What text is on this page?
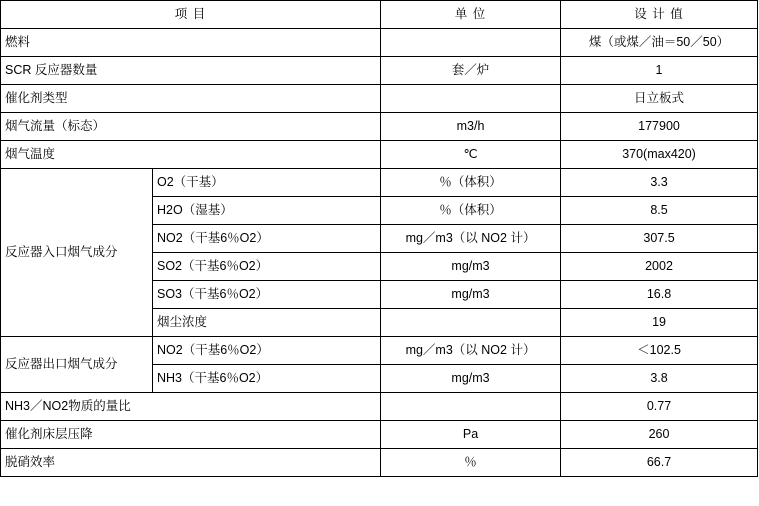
项 目		单 位	设 计 值
燃料			煤（或煤／油＝50／50）
SCR 反应器数量		套／炉	1
催化剂类型			日立板式
烟气流量（标态）		m3/h	177900
烟气温度		℃	370(max420)
反应器入口烟气成分	O2（干基）	％（体积）	3.3
	H2O（湿基）	％（体积）	8.5
	NO2（干基6％O2）	mg／m3（以 NO2 计）	307.5
	SO2（干基6％O2）	mg/m3	2002
	SO3（干基6％O2）	mg/m3	16.8
	烟尘浓度		19
反应器出口烟气成分	NO2（干基6％O2）	mg／m3（以 NO2 计）	＜102.5
	NH3（干基6％O2）	mg/m3	3.8
NH3／NO2物质的量比			0.77
催化剂床层压降		Pa	260
脱硝效率		％	66.7
